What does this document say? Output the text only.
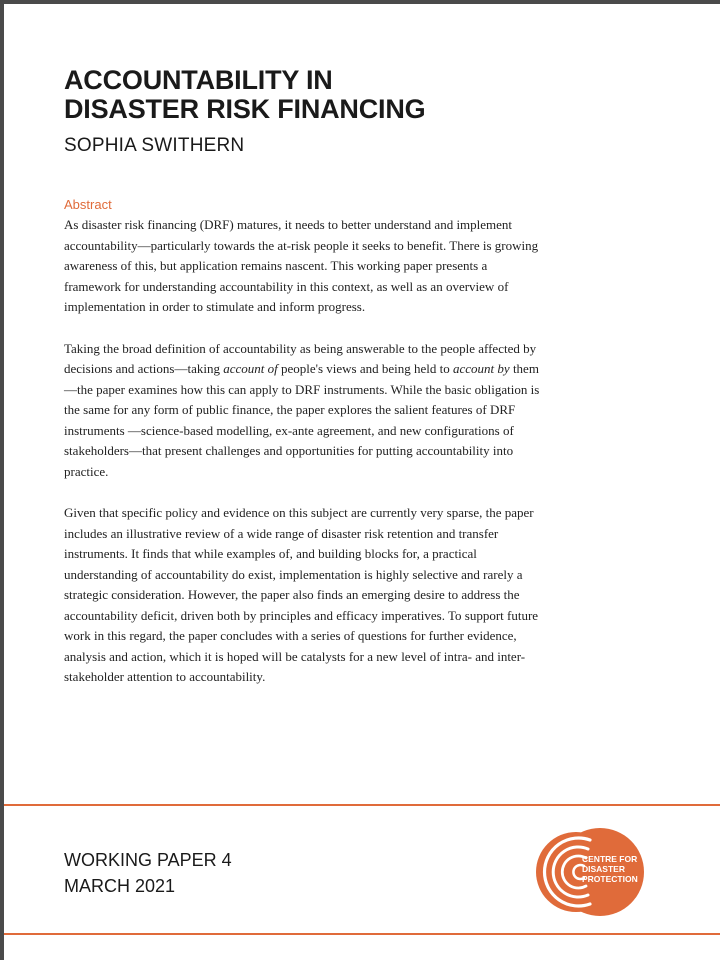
ACCOUNTABILITY IN
DISASTER RISK FINANCING
SOPHIA SWITHERN
Abstract

As disaster risk financing (DRF) matures, it needs to better understand and implement accountability—particularly towards the at-risk people it seeks to benefit. There is growing awareness of this, but application remains nascent. This working paper presents a framework for understanding accountability in this context, as well as an overview of implementation in order to stimulate and inform progress.

Taking the broad definition of accountability as being answerable to the people affected by decisions and actions—taking account of people's views and being held to account by them—the paper examines how this can apply to DRF instruments. While the basic obligation is the same for any form of public finance, the paper explores the salient features of DRF instruments —science-based modelling, ex-ante agreement, and new configurations of stakeholders—that present challenges and opportunities for putting accountability into practice.

Given that specific policy and evidence on this subject are currently very sparse, the paper includes an illustrative review of a wide range of disaster risk retention and transfer instruments. It finds that while examples of, and building blocks for, a practical understanding of accountability do exist, implementation is highly selective and rarely a strategic consideration. However, the paper also finds an emerging desire to address the accountability deficit, driven both by principles and efficacy imperatives. To support future work in this regard, the paper concludes with a series of questions for further evidence, analysis and action, which it is hoped will be catalysts for a new level of intra- and inter-stakeholder attention to accountability.

WORKING PAPER 4
MARCH 2021
CENTRE FOR
DISASTER
PROTECTION
